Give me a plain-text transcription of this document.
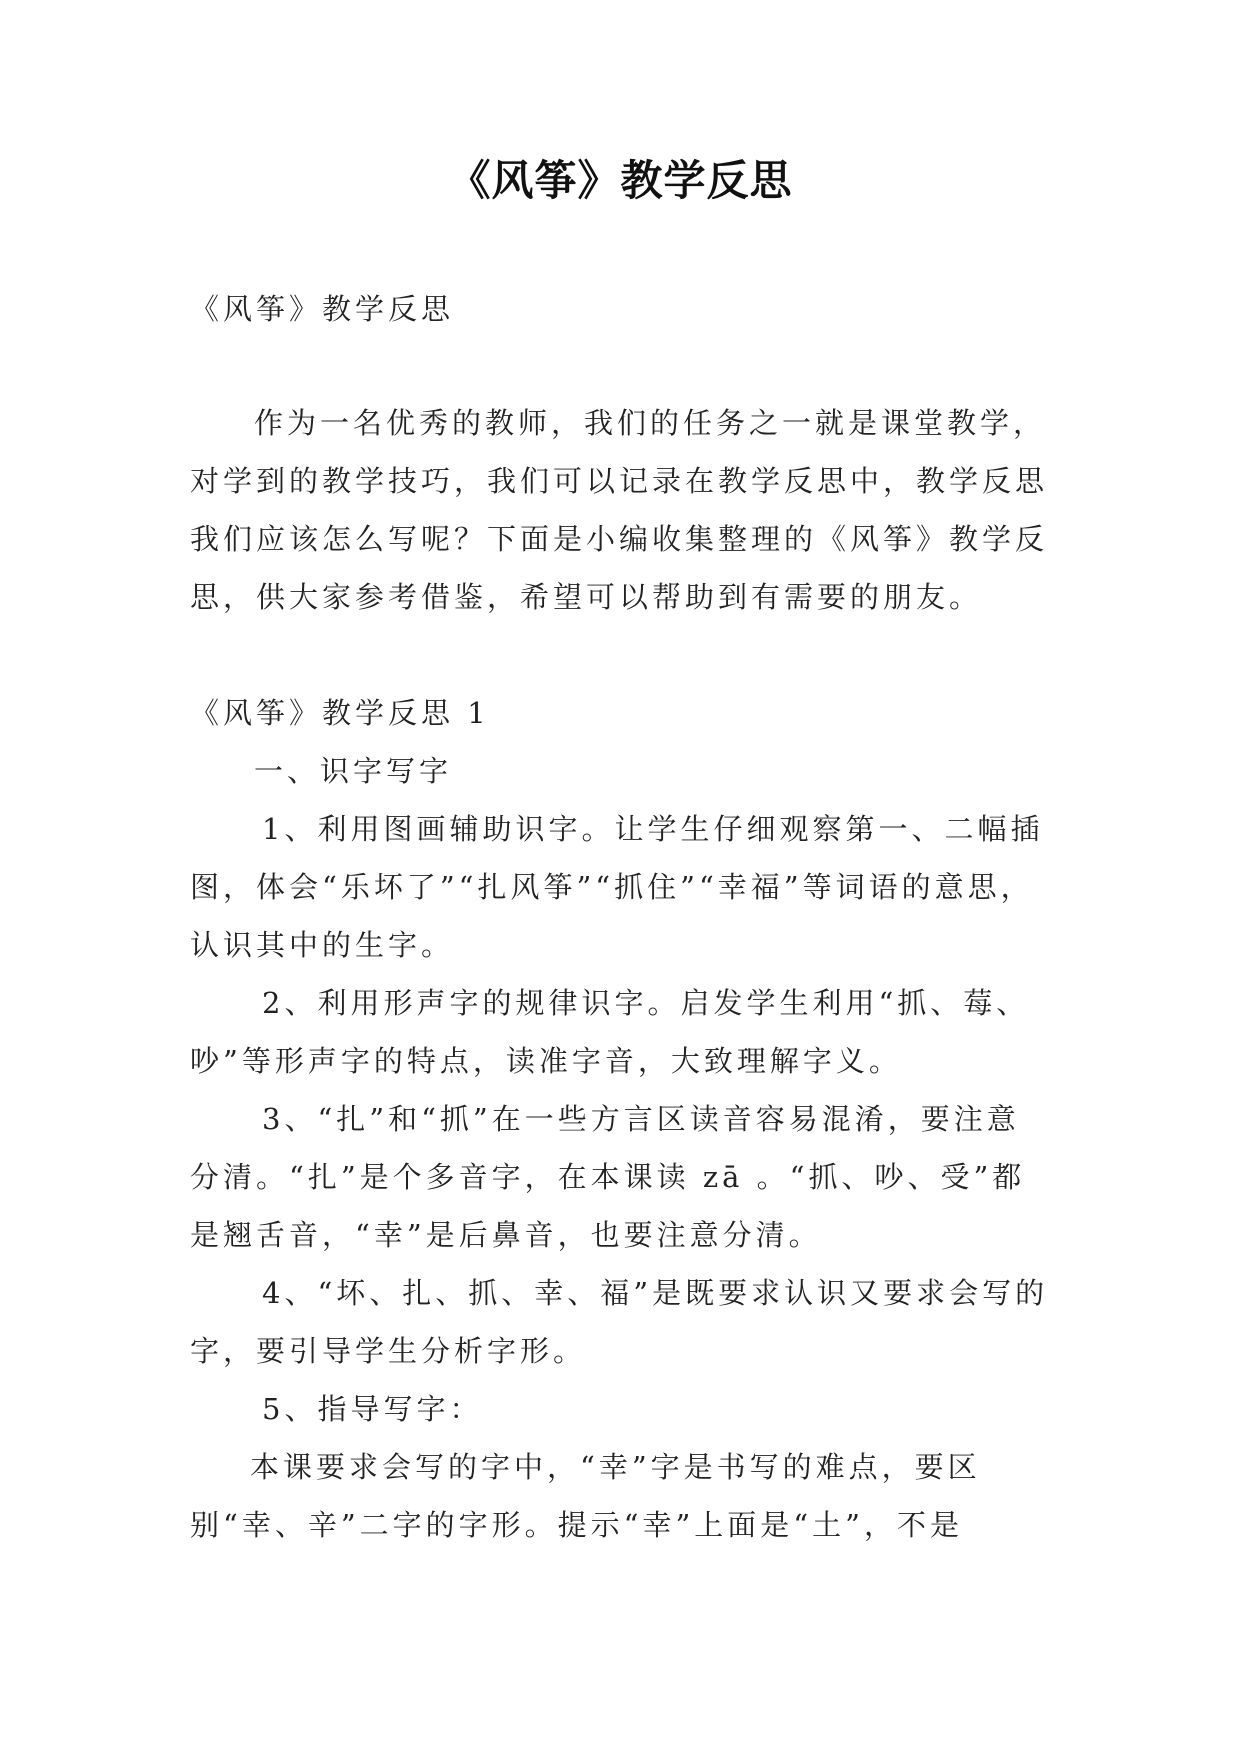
《风筝》教学反思

《风筝》教学反思

作为一名优秀的教师，我们的任务之一就是课堂教学，对学到的教学技巧，我们可以记录在教学反思中，教学反思我们应该怎么写呢？下面是小编收集整理的《风筝》教学反思，供大家参考借鉴，希望可以帮助到有需要的朋友。

《风筝》教学反思 1

一、识字写字

1、利用图画辅助识字。让学生仔细观察第一、二幅插图，体会“乐坏了”“扎风筝”“抓住”“幸福”等词语的意思，认识其中的生字。

2、利用形声字的规律识字。启发学生利用“抓、莓、吵”等形声字的特点，读准字音，大致理解字义。

3、“扎”和“抓”在一些方言区读音容易混淆，要注意分清。“扎”是个多音字，在本课读 zā 。“抓、吵、受”都是翘舌音，“幸”是后鼻音，也要注意分清。

4、“坏、扎、抓、幸、福”是既要求认识又要求会写的字，要引导学生分析字形。

5、指导写字：

本课要求会写的字中，“幸”字是书写的难点，要区别“幸、辛”二字的字形。提示“幸”上面是“土”，不是
